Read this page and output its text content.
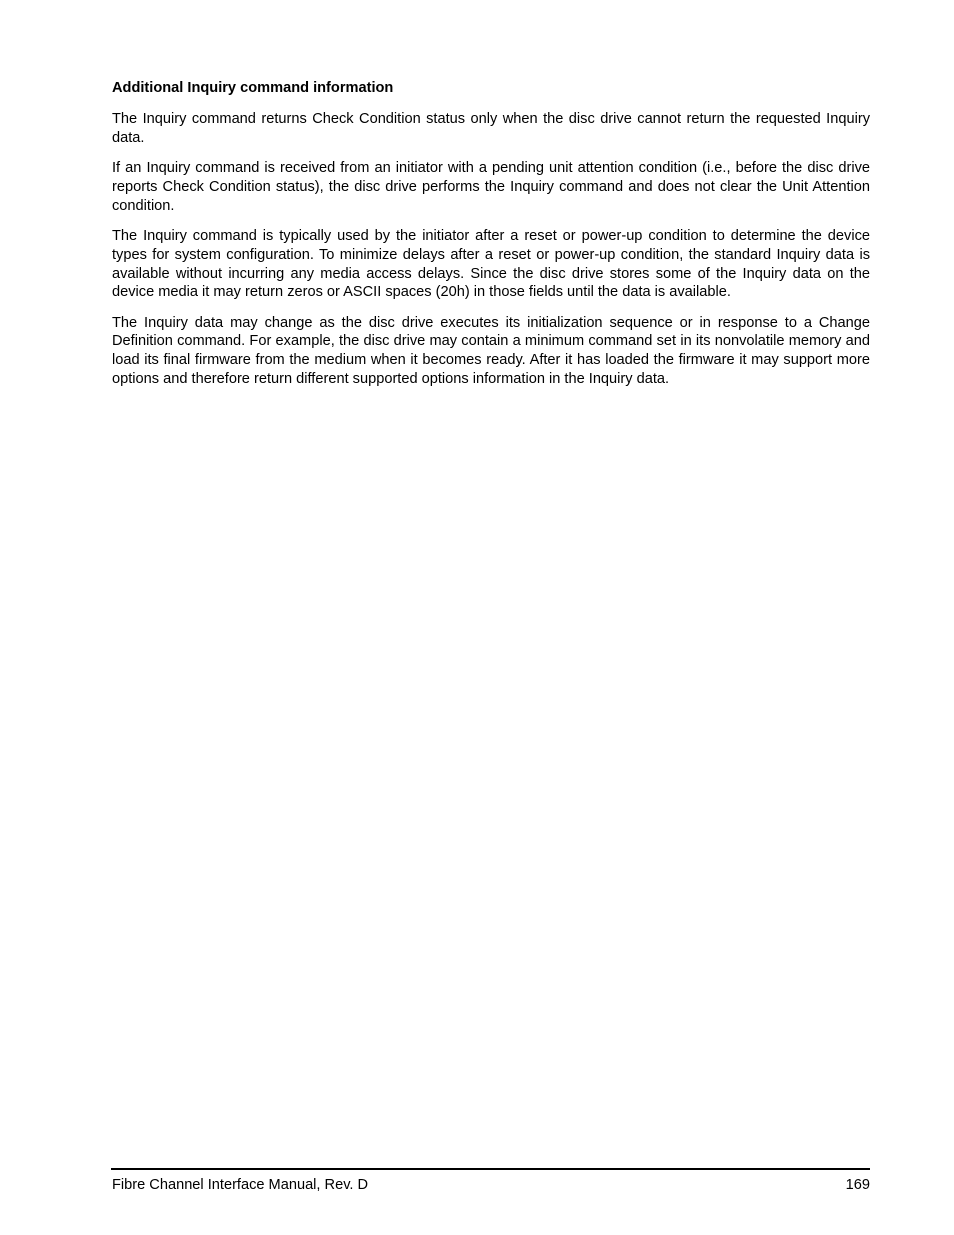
Additional Inquiry command information

The Inquiry command returns Check Condition status only when the disc drive cannot return the requested Inquiry data.

If an Inquiry command is received from an initiator with a pending unit attention condition (i.e., before the disc drive reports Check Condition status), the disc drive performs the Inquiry command and does not clear the Unit Attention condition.

The Inquiry command is typically used by the initiator after a reset or power-up condition to determine the device types for system configuration. To minimize delays after a reset or power-up condition, the standard Inquiry data is available without incurring any media access delays. Since the disc drive stores some of the Inquiry data on the device media it may return zeros or ASCII spaces (20h) in those fields until the data is available.

The Inquiry data may change as the disc drive executes its initialization sequence or in response to a Change Definition command. For example, the disc drive may contain a minimum command set in its nonvolatile memory and load its final firmware from the medium when it becomes ready. After it has loaded the firmware it may support more options and therefore return different supported options information in the Inquiry data.

Fibre Channel Interface Manual, Rev. D	169
